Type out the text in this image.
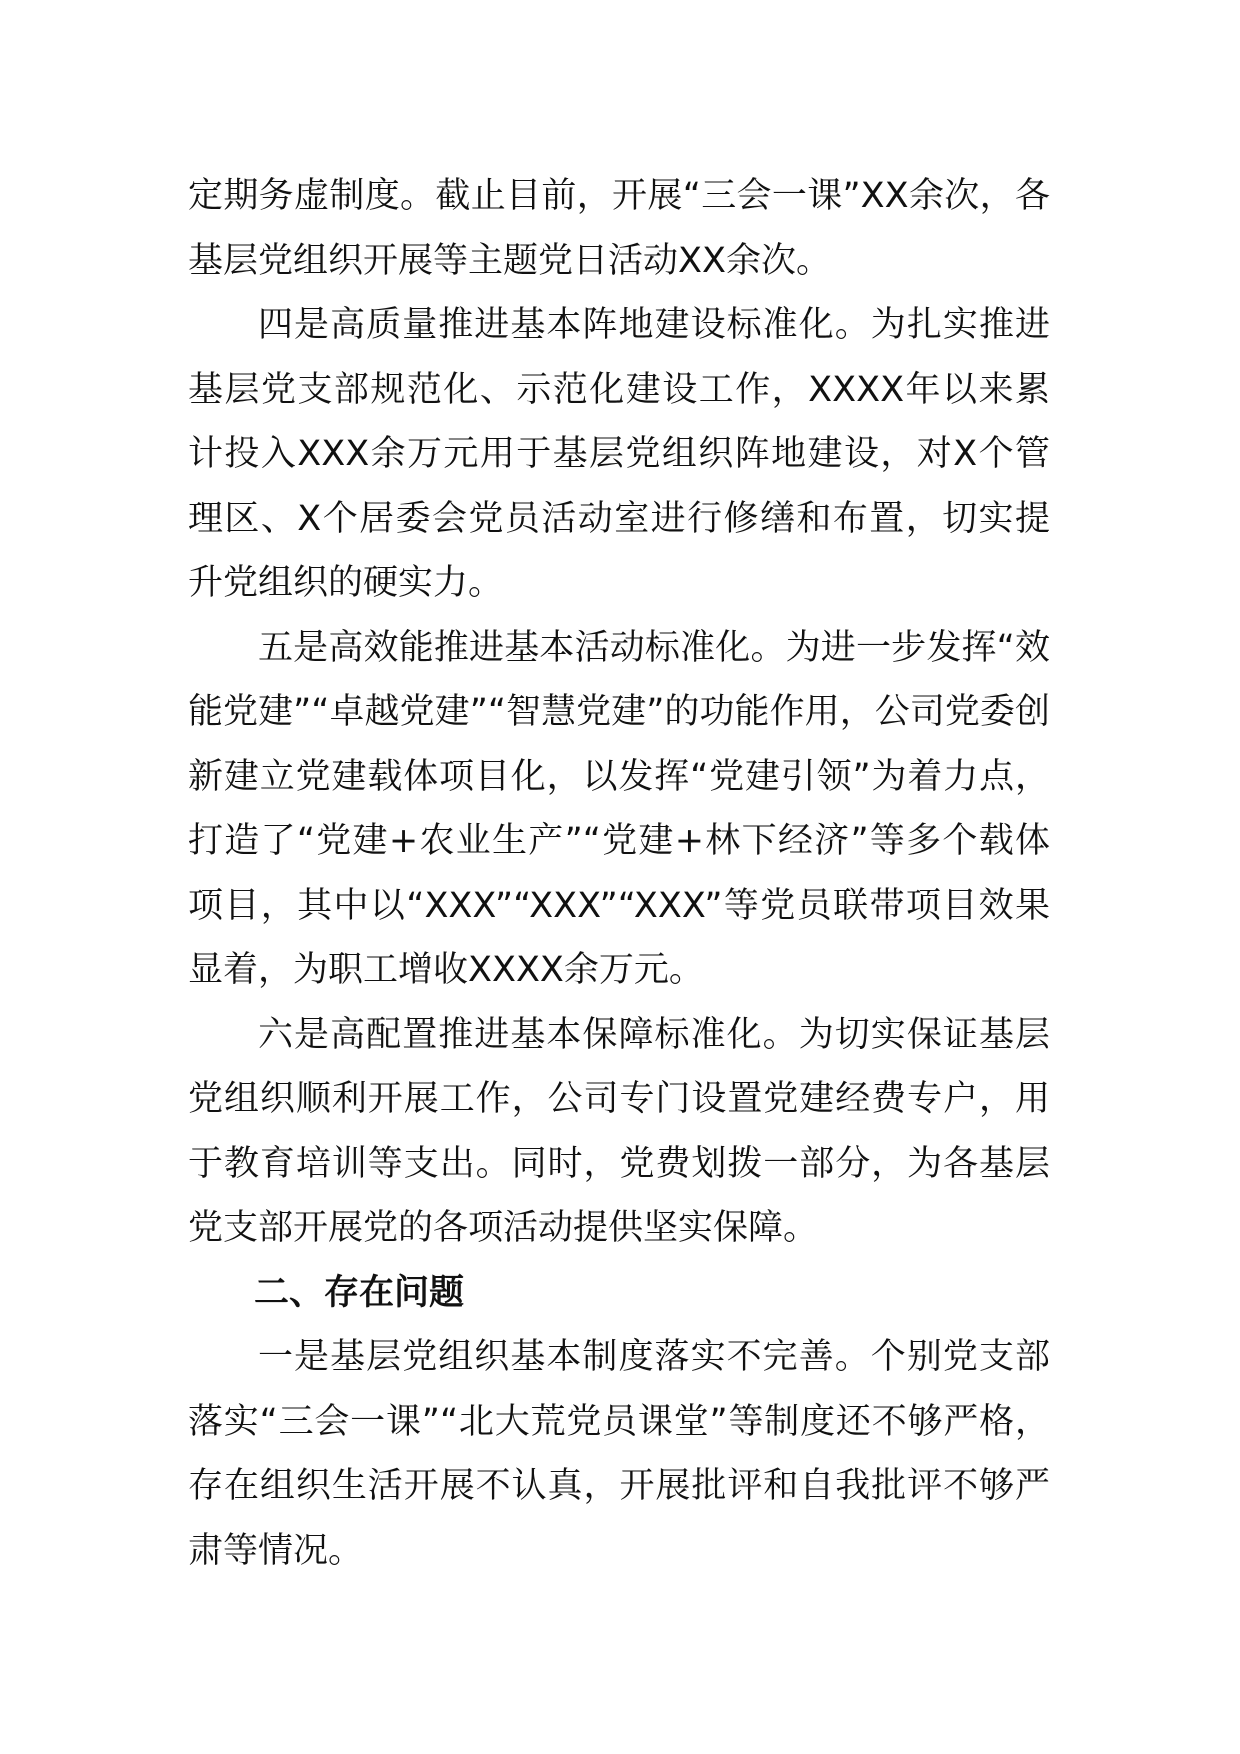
定期务虚制度。截止目前，开展“三会一课”XX余次，各基层党组织开展等主题党日活动XX余次。

四是高质量推进基本阵地建设标准化。为扎实推进基层党支部规范化、示范化建设工作，XXXX年以来累计投入XXX余万元用于基层党组织阵地建设，对X个管理区、X个居委会党员活动室进行修缮和布置，切实提升党组织的硬实力。

五是高效能推进基本活动标准化。为进一步发挥“效能党建”“卓越党建”“智慧党建”的功能作用，公司党委创新建立党建载体项目化，以发挥“党建引领”为着力点，打造了“党建+农业生产”“党建+林下经济”等多个载体项目，其中以“XXX”“XXX”“XXX”等党员联带项目效果显着，为职工增收XXXX余万元。

六是高配置推进基本保障标准化。为切实保证基层党组织顺利开展工作，公司专门设置党建经费专户，用于教育培训等支出。同时，党费划拨一部分，为各基层党支部开展党的各项活动提供坚实保障。

二、存在问题

一是基层党组织基本制度落实不完善。个别党支部落实“三会一课”“北大荒党员课堂”等制度还不够严格，存在组织生活开展不认真，开展批评和自我批评不够严肃等情况。
